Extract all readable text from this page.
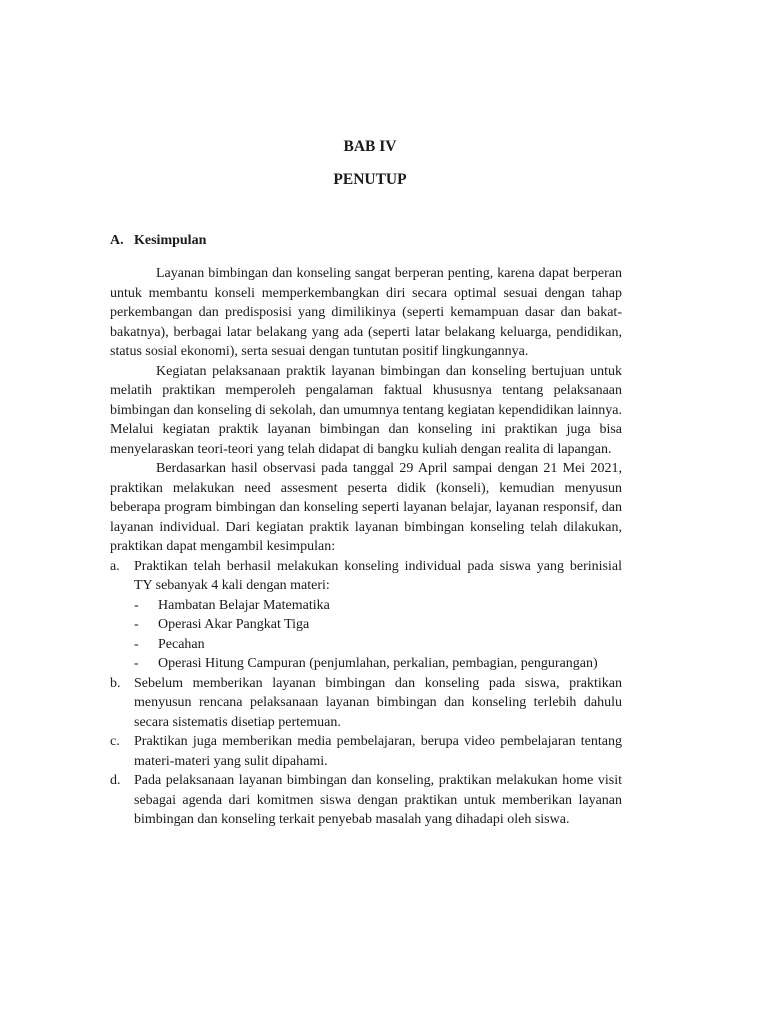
BAB IV
PENUTUP
A. Kesimpulan

Layanan bimbingan dan konseling sangat berperan penting, karena dapat berperan untuk membantu konseli memperkembangkan diri secara optimal sesuai dengan tahap perkembangan dan predisposisi yang dimilikinya (seperti kemampuan dasar dan bakat-bakatnya), berbagai latar belakang yang ada (seperti latar belakang keluarga, pendidikan, status sosial ekonomi), serta sesuai dengan tuntutan positif lingkungannya.

Kegiatan pelaksanaan praktik layanan bimbingan dan konseling bertujuan untuk melatih praktikan memperoleh pengalaman faktual khususnya tentang pelaksanaan bimbingan dan konseling di sekolah, dan umumnya tentang kegiatan kependidikan lainnya. Melalui kegiatan praktik layanan bimbingan dan konseling ini praktikan juga bisa menyelaraskan teori-teori yang telah didapat di bangku kuliah dengan realita di lapangan.

Berdasarkan hasil observasi pada tanggal 29 April sampai dengan 21 Mei 2021, praktikan melakukan need assesment peserta didik (konseli), kemudian menyusun beberapa program bimbingan dan konseling seperti layanan belajar, layanan responsif, dan layanan individual. Dari kegiatan praktik layanan bimbingan konseling telah dilakukan, praktikan dapat mengambil kesimpulan:

a. Praktikan telah berhasil melakukan konseling individual pada siswa yang berinisial TY sebanyak 4 kali dengan materi:
- Hambatan Belajar Matematika
- Operasi Akar Pangkat Tiga
- Pecahan
- Operasi Hitung Campuran (penjumlahan, perkalian, pembagian, pengurangan)
b. Sebelum memberikan layanan bimbingan dan konseling pada siswa, praktikan menyusun rencana pelaksanaan layanan bimbingan dan konseling terlebih dahulu secara sistematis disetiap pertemuan.
c. Praktikan juga memberikan media pembelajaran, berupa video pembelajaran tentang materi-materi yang sulit dipahami.
d. Pada pelaksanaan layanan bimbingan dan konseling, praktikan melakukan home visit sebagai agenda dari komitmen siswa dengan praktikan untuk memberikan layanan bimbingan dan konseling terkait penyebab masalah yang dihadapi oleh siswa.
